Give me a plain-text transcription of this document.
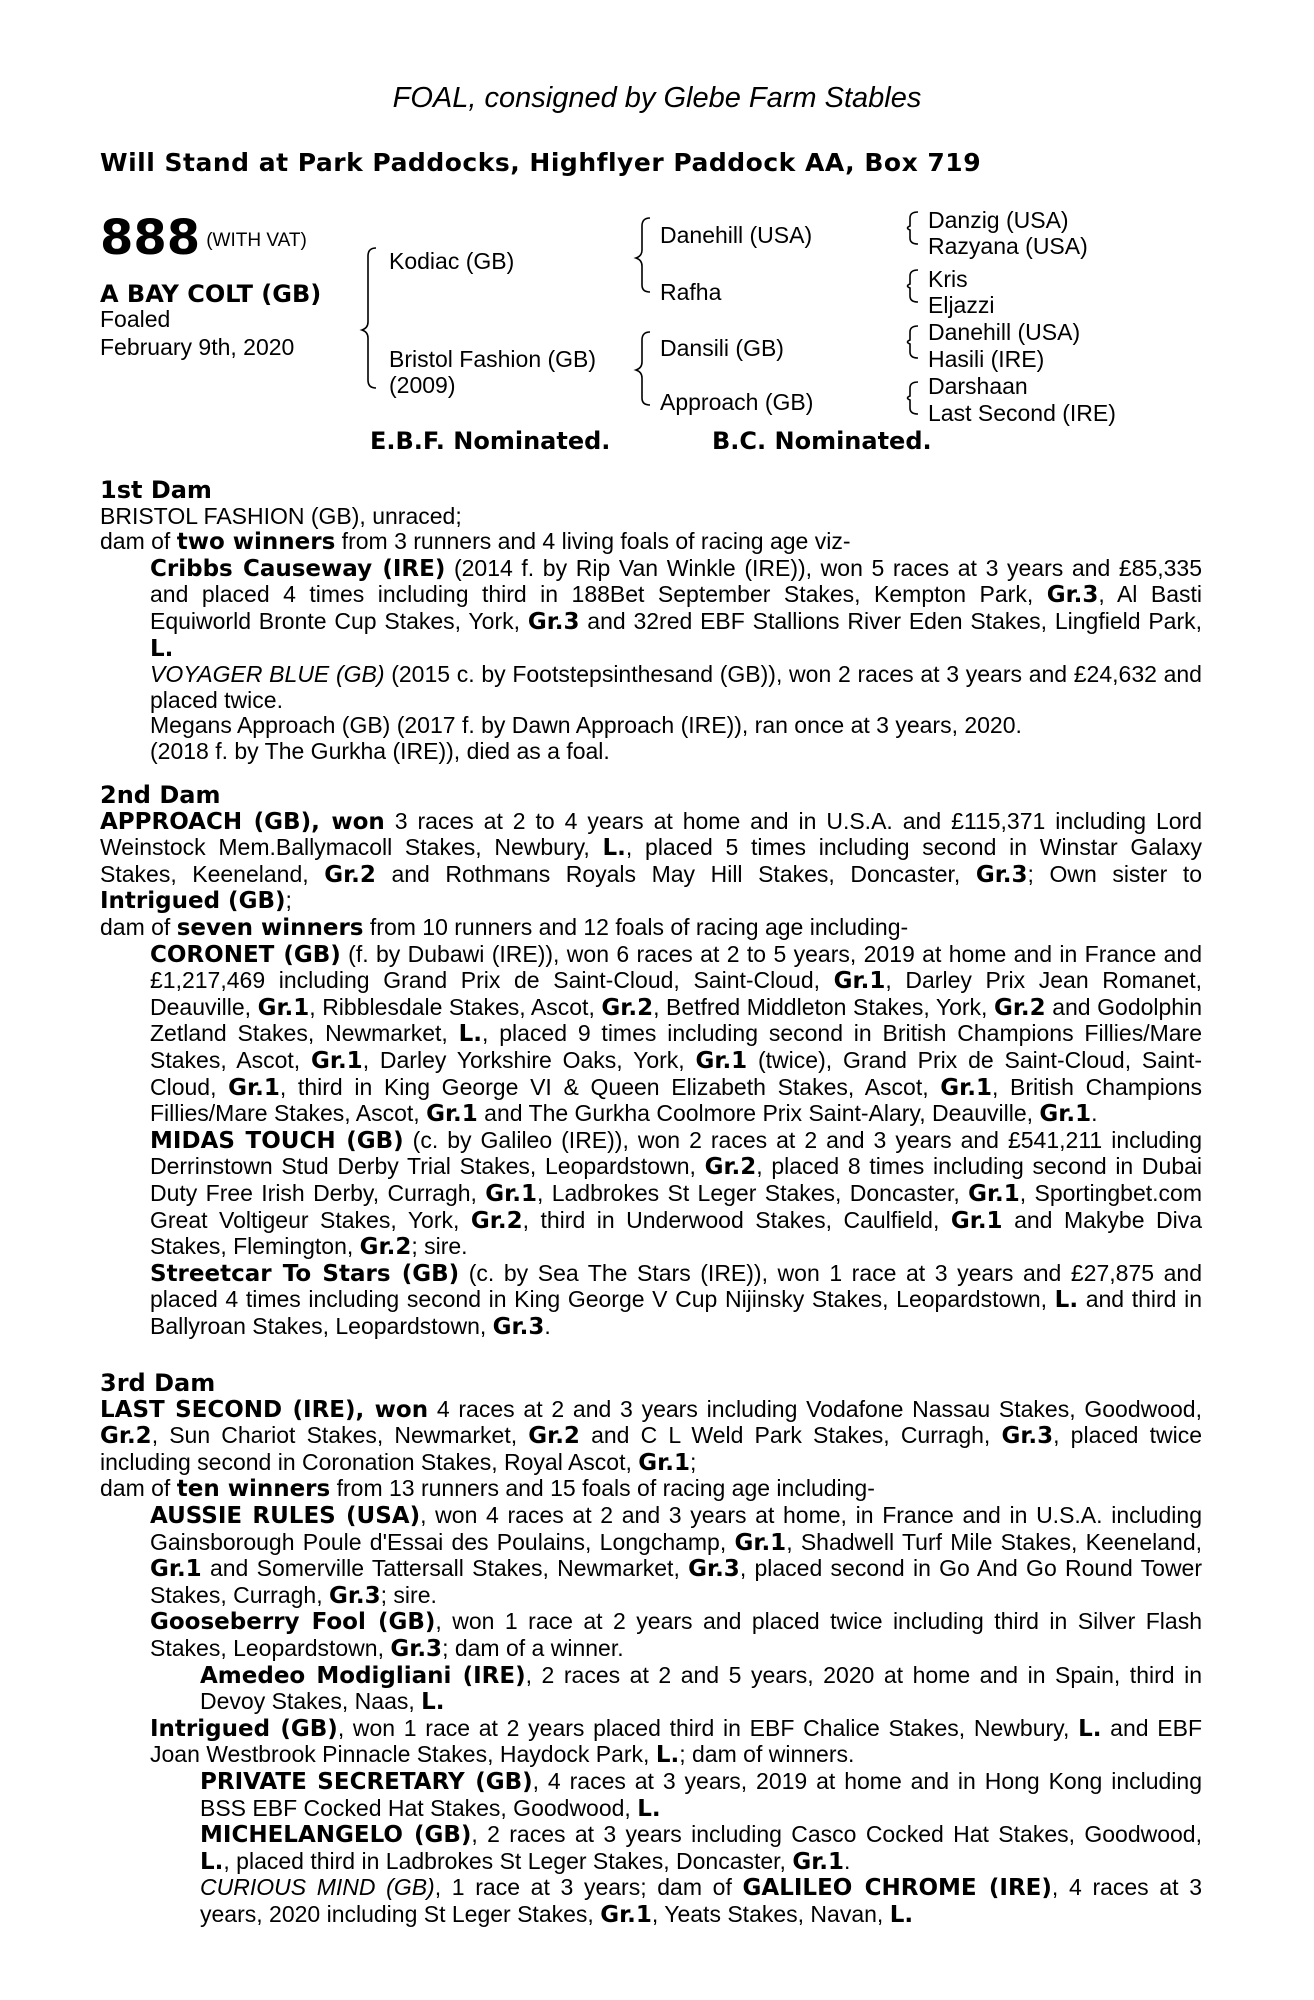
FOAL, consigned by Glebe Farm Stables
Will Stand at Park Paddocks, Highflyer Paddock AA, Box 719
888 (WITH VAT)
A BAY COLT (GB)
Foaled
February 9th, 2020
Kodiac (GB)
Bristol Fashion (GB)
(2009)
Danehill (USA)
Rafha
Dansili (GB)
Approach (GB)
Danzig (USA)
Razyana (USA)
Kris
Eljazzi
Danehill (USA)
Hasili (IRE)
Darshaan
Last Second (IRE)
E.B.F. Nominated.	B.C. Nominated.
1st Dam

BRISTOL FASHION (GB), unraced;

dam of two winners from 3 runners and 4 living foals of racing age viz-

Cribbs Causeway (IRE) (2014 f. by Rip Van Winkle (IRE)), won 5 races at 3 years and £85,335 and placed 4 times including third in 188Bet September Stakes, Kempton Park, Gr.3, Al Basti Equiworld Bronte Cup Stakes, York, Gr.3 and 32red EBF Stallions River Eden Stakes, Lingfield Park, L.

VOYAGER BLUE (GB) (2015 c. by Footstepsinthesand (GB)), won 2 races at 3 years and £24,632 and placed twice.

Megans Approach (GB) (2017 f. by Dawn Approach (IRE)), ran once at 3 years, 2020.

(2018 f. by The Gurkha (IRE)), died as a foal.

2nd Dam

APPROACH (GB), won 3 races at 2 to 4 years at home and in U.S.A. and £115,371 including Lord Weinstock Mem.Ballymacoll Stakes, Newbury, L., placed 5 times including second in Winstar Galaxy Stakes, Keeneland, Gr.2 and Rothmans Royals May Hill Stakes, Doncaster, Gr.3; Own sister to Intrigued (GB);

dam of seven winners from 10 runners and 12 foals of racing age including-

CORONET (GB) (f. by Dubawi (IRE)), won 6 races at 2 to 5 years, 2019 at home and in France and £1,217,469 including Grand Prix de Saint-Cloud, Saint-Cloud, Gr.1, Darley Prix Jean Romanet, Deauville, Gr.1, Ribblesdale Stakes, Ascot, Gr.2, Betfred Middleton Stakes, York, Gr.2 and Godolphin Zetland Stakes, Newmarket, L., placed 9 times including second in British Champions Fillies/Mare Stakes, Ascot, Gr.1, Darley Yorkshire Oaks, York, Gr.1 (twice), Grand Prix de Saint-Cloud, Saint-Cloud, Gr.1, third in King George VI & Queen Elizabeth Stakes, Ascot, Gr.1, British Champions Fillies/Mare Stakes, Ascot, Gr.1 and The Gurkha Coolmore Prix Saint-Alary, Deauville, Gr.1.

MIDAS TOUCH (GB) (c. by Galileo (IRE)), won 2 races at 2 and 3 years and £541,211 including Derrinstown Stud Derby Trial Stakes, Leopardstown, Gr.2, placed 8 times including second in Dubai Duty Free Irish Derby, Curragh, Gr.1, Ladbrokes St Leger Stakes, Doncaster, Gr.1, Sportingbet.com Great Voltigeur Stakes, York, Gr.2, third in Underwood Stakes, Caulfield, Gr.1 and Makybe Diva Stakes, Flemington, Gr.2; sire.

Streetcar To Stars (GB) (c. by Sea The Stars (IRE)), won 1 race at 3 years and £27,875 and placed 4 times including second in King George V Cup Nijinsky Stakes, Leopardstown, L. and third in Ballyroan Stakes, Leopardstown, Gr.3.

3rd Dam

LAST SECOND (IRE), won 4 races at 2 and 3 years including Vodafone Nassau Stakes, Goodwood, Gr.2, Sun Chariot Stakes, Newmarket, Gr.2 and C L Weld Park Stakes, Curragh, Gr.3, placed twice including second in Coronation Stakes, Royal Ascot, Gr.1;

dam of ten winners from 13 runners and 15 foals of racing age including-

AUSSIE RULES (USA), won 4 races at 2 and 3 years at home, in France and in U.S.A. including Gainsborough Poule d'Essai des Poulains, Longchamp, Gr.1, Shadwell Turf Mile Stakes, Keeneland, Gr.1 and Somerville Tattersall Stakes, Newmarket, Gr.3, placed second in Go And Go Round Tower Stakes, Curragh, Gr.3; sire.

Gooseberry Fool (GB), won 1 race at 2 years and placed twice including third in Silver Flash Stakes, Leopardstown, Gr.3; dam of a winner.

Amedeo Modigliani (IRE), 2 races at 2 and 5 years, 2020 at home and in Spain, third in Devoy Stakes, Naas, L.

Intrigued (GB), won 1 race at 2 years placed third in EBF Chalice Stakes, Newbury, L. and EBF Joan Westbrook Pinnacle Stakes, Haydock Park, L.; dam of winners.

PRIVATE SECRETARY (GB), 4 races at 3 years, 2019 at home and in Hong Kong including BSS EBF Cocked Hat Stakes, Goodwood, L.

MICHELANGELO (GB), 2 races at 3 years including Casco Cocked Hat Stakes, Goodwood, L., placed third in Ladbrokes St Leger Stakes, Doncaster, Gr.1.

CURIOUS MIND (GB), 1 race at 3 years; dam of GALILEO CHROME (IRE), 4 races at 3 years, 2020 including St Leger Stakes, Gr.1, Yeats Stakes, Navan, L.
